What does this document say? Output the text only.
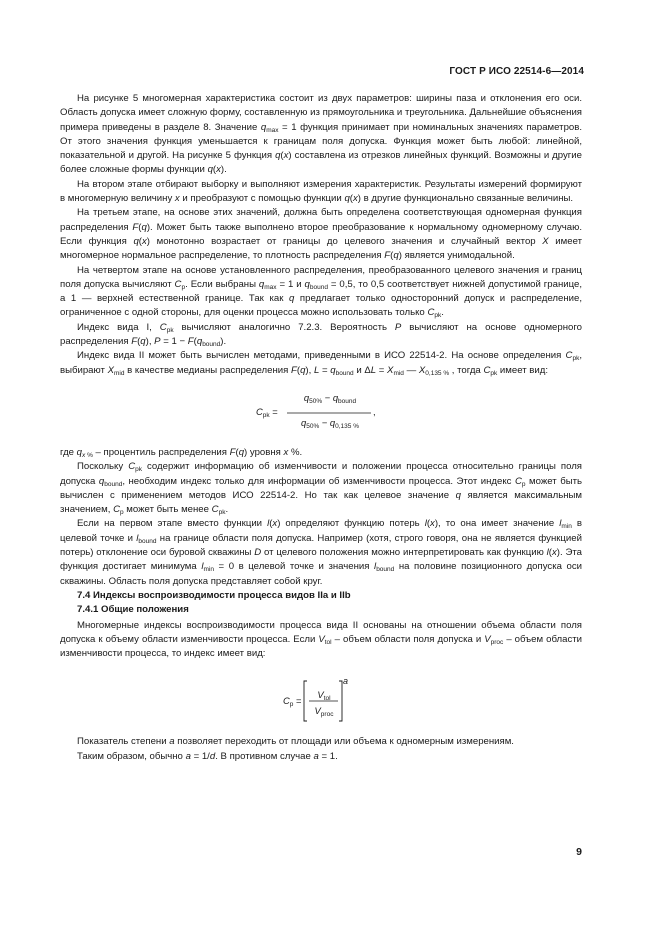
ГОСТ Р ИСО 22514-6—2014

На рисунке 5 многомерная характеристика состоит из двух параметров: ширины паза и отклонения его оси. Область допуска имеет сложную форму, составленную из прямоугольника и треугольника. Дальнейшие объяснения примера приведены в разделе 8. Значение $q_{max} = 1$ функция принимает при номинальных значениях параметров. От этого значения функция уменьшается к границам поля допуска. Функция может быть любой: линейной, показательной и другой. На рисунке 5 функция q(x) составлена из отрезков линейных функций. Возможны и другие более сложные формы функции q(x).

На втором этапе отбирают выборку и выполняют измерения характеристик. Результаты измерений формируют в многомерную величину x и преобразуют с помощью функции q(x) в другие функционально связанные величины.

На третьем этапе, на основе этих значений, должна быть определена соответствующая одномерная функция распределения F(q). Может быть также выполнено второе преобразование к нормальному одномерному случаю. Если функция q(x) монотонно возрастает от границы до целевого значения и случайный вектор X имеет многомерное нормальное распределение, то плотность распределения F(q) является унимодальной.

На четвертом этапе на основе установленного распределения, преобразованного целевого значения и границ поля допуска вычисляют $C_p$. Если выбраны $q_{max} = 1$ и $q_{bound} = 0,5$, то 0,5 соответствует нижней допустимой границе, а 1 — верхней естественной границе. Так как q предлагает только односторонний допуск и распределение, ограниченное с одной стороны, для оценки процесса можно использовать только $C_{pk}$.

Индекс вида I, $C_{pk}$ вычисляют аналогично 7.2.3. Вероятность P вычисляют на основе одномерного распределения F(q), $P = 1 - F(q_{bound})$.

Индекс вида II может быть вычислен методами, приведенными в ИСО 22514-2. На основе определения $C_{pk}$, выбирают $X_{mid}$ в качестве медианы распределения F(q), $L = q_{bound}$ и $\Delta L = X_{mid}$ — $X_{0,135 \%}$ , тогда $C_{pk}$ имеет вид:

$C_{pk}$ =
$q_{50\%} - q_{bound}$
$q_{50\%} - q_{0,135 \%}$
,

где $q_{x \%}$ – процентиль распределения F(q) уровня x %.

Поскольку $C_{pk}$ содержит информацию об изменчивости и положении процесса относительно границы поля допуска $q_{bound}$, необходим индекс только для информации об изменчивости процесса. Этот индекс $C_p$ может быть вычислен с применением методов ИСО 22514-2. Но так как целевое значение q является максимальным значением, $C_p$ может быть менее $C_{pk}$.

Если на первом этапе вместо функции l(x) определяют функцию потерь l(x), то она имеет значение $l_{min}$ в целевой точке и $l_{bound}$ на границе области поля допуска. Например (хотя, строго говоря, она не является функцией потерь) отклонение оси буровой скважины D от целевого положения можно интерпретировать как функцию l(x). Эта функция достигает минимума $l_{min} = 0$ в целевой точке и значения $l_{bound}$ на половине позиционного допуска оси скважины. Область поля допуска представляет собой круг.

7.4 Индексы воспроизводимости процесса видов IIa и IIb

7.4.1 Общие положения

Многомерные индексы воспроизводимости процесса вида II основаны на отношении объема области поля допуска к объему области изменчивости процесса. Если $V_{tol}$ – объем области поля допуска и $V_{proc}$ – объем области изменчивости процесса, то индекс имеет вид:

$C_p$ =
$V_{tol}$
$V_{proc}$
a

Показатель степени a позволяет переходить от площади или объема к одномерным измерениям.

Таким образом, обычно a = 1/d. В противном случае a = 1.

9
